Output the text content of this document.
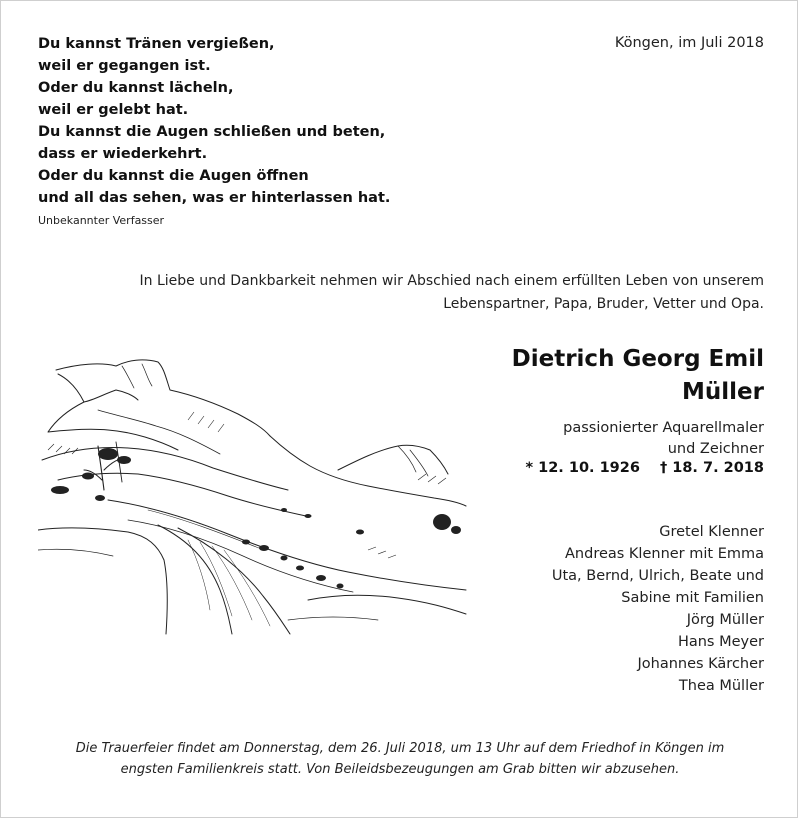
Du kannst Tränen vergießen,
weil er gegangen ist.
Oder du kannst lächeln,
weil er gelebt hat.
Du kannst die Augen schließen und beten,
dass er wiederkehrt.
Oder du kannst die Augen öffnen
und all das sehen, was er hinterlassen hat.
Unbekannter Verfasser
Köngen, im Juli 2018
In Liebe und Dankbarkeit nehmen wir Abschied nach einem erfüllten Leben von unserem
Lebenspartner, Papa, Bruder, Vetter und Opa.
Dietrich Georg Emil
Müller
passionierter Aquarellmaler
und Zeichner
* 12. 10. 1926 † 18. 7. 2018
Gretel Klenner
Andreas Klenner mit Emma
Uta, Bernd, Ulrich, Beate und
Sabine mit Familien
Jörg Müller
Hans Meyer
Johannes Kärcher
Thea Müller
Die Trauerfeier findet am Donnerstag, dem 26. Juli 2018, um 13 Uhr auf dem Friedhof in Köngen im
engsten Familienkreis statt. Von Beileidsbezeugungen am Grab bitten wir abzusehen.
